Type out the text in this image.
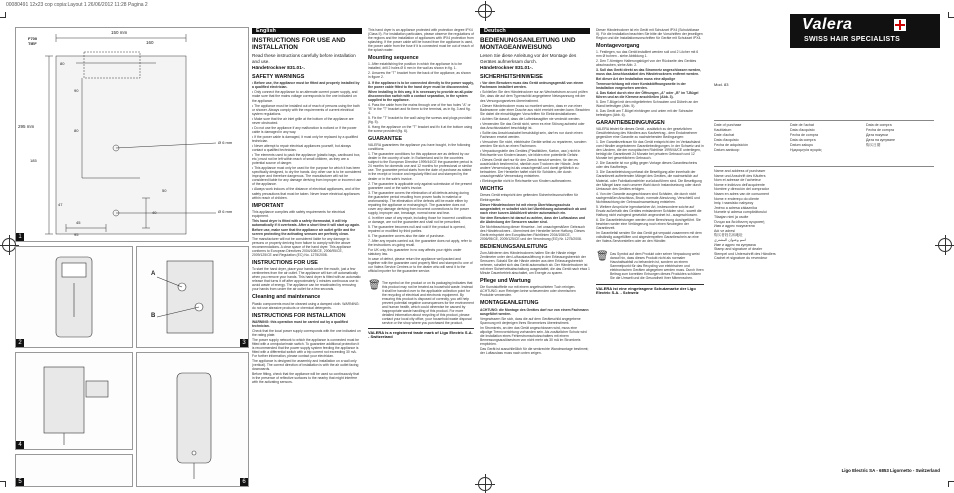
00080491 12x23 cop copia:Layout 1 26/06/2012 11:28 Pagina 2
F700
TIEF
150 mm
160
80
90
80
185
295 mm
47
40
45
50
95
Ø 6 mm
Ø 6 mm
1
2
A
B
3
4
5	6
English
INSTRUCTIONS FOR USE AND INSTALLATION
Read these instructions carefully before installation and use.
Händetrockner 831.01-.
SAFETY WARNINGS

• Before use, the appliance must be fitted and properly installed by a qualified electrician.

• Only connect the appliance to an alternate current power supply, and make sure that the mains voltage corresponds to the one indicated on the appliance.

• The appliance must be installed out of reach of persons using the bath or shower. Always comply with the requirements of current electrical system regulations.

• Make sure that the air inlet grille at the bottom of the appliance are never obstructed.

• Do not use the appliance if any malfunction is noticed or if the power cable is damaged in any way.

• If the power cable is damaged, it must only be replaced by a qualified technician.

• Never attempt to repair electrical appliances yourself, but always contact a qualified technician.

• The elements used to pack the appliance (plastic bags, cardboard box, etc.) must not be left within reach of small children, as they are a potential source of danger.

• This appliance must only be used for the purpose for which it has been specifically designed, to dry the hands. Any other use is to be considered improper and therefore dangerous. The manufacturer will not be considered liable for any damage deriving from improper or incorrect use of the appliance.

• Always work indoors of the distance of electrical appliances, and of the safety precautions that must be taken. Never leave electrical appliances within reach of children.

IMPORTANT

This appliance complies with safety requirements for electrical equipment.

This hand dryer is fitted with a safety thermostat, it will trip automatically if it overheats. After a short time it will start up again.

Before use, make sure that the appliance air outlet grille and the screen protecting the activating sensors are perfectly clean.

The manufacturer will not be considered liable for any damage to persons or property deriving from failure to comply with the above recommendations. A clear space of the hand dryer. This appliance conforms to European Directives 2004/108/CE, 2006/95/CE, 2009/125/CE and Regulation (EC) No. 1275/2008.

INSTRUCTIONS FOR USE

To start the hand dryer, place your hands under the mouth, just a few centimetres from the air outlet. The appliance will turn off automatically when you remove your hands. This hand dryer is fitted with an automatic release that turns it off after approximately 1 minutes continuous use to avoid waste of energy. The appliance can be reactivated by removing your hands from under the air outlet for a few seconds.

Cleaning and maintenance

Plastic components must be cleaned using a damped cloth. WARNING: do not use abrasive products or chemical detergents.

INSTRUCTIONS FOR INSTALLATION

WARNING: this operation must be carried out by a qualified technician.

Check that the local power supply corresponds with the one indicated on the rating plate.

The power supply network to which the appliance is connected must be fitted with a omnipolar/main switch. To guarantee additional protection it is recommended that the power supply system feeding the appliance is fitted with a differential switch with a trip current not exceeding 30 mA. For further information, please contact your electrician.

The appliance is designed for assembly and installation on a wall only (vertical). The correct direction of installation is with the air outlet facing downwards.

Before fitting, check that the appliance will be used so continuously that in the presence of reflective surfaces to the nearby that might interfere with the activating sensors.

This hand dryer is an appliance protected with protection degree IPX4 (Class II). For installation particulars, please observe the regulations of the regions and the installation of appliances with IPX4 protection from splashing. If the power cable will be hosed from the appliance is used, the power cable from the fuse if it is connected must be out of reach of the splash water.

Mounting sequence

1. After establishing the position in which the appliance is to be installed, drill 2 holes Ø 6 mm in the wall as shown in fig. 1.

2. Unscrew the "T" bracket from the back of the appliance, as shown in figure 2.

3. If the appliance is to be connected directly to the power supply, the power cable fitted to the hand dryer must be disconnected.

When installing in this way, it is necessary to provide an all-polar disconnection switch with a contact separation, in the system supplied to the appliance.

4. Pass the cable from the mains through one of the two holes "A" or "B" in the "T" bracket and fix them to the terminal, as in fig. 3 and fig. 4.

5. Fix the "T" bracket to the wall using the screws and plugs provided (fig. 5).

6. Hang the appliance on the "T" bracket and fix it at the bottom using the screw provided (fig. 6).

GUARANTEE

VALERA guarantees the appliance you have bought, in the following conditions:

1. The guarantee conditions for this appliance are as defined by our dealer in the country of sale. In Switzerland and in the countries subject to the European Directive 1999/44/CE the guarantee period is 24 months for domestic use and 12 months for professional or similar use. The guarantee period starts from the date of purchase as stated in the receipt or invoice and regularly filled out and stamped by the dealer or in the sale's invoice.

2. The guarantee is applicable only against submission of the present guarantee card or the sale's invoice.

3. The guarantee covers the elimination of all defects arising during the guarantee period resulting from proven faults in material or workmanship. The elimination of the defects will be made either by repairing the appliance or exchanging it. The guarantee does not cover any damage deriving from incorrect connections to the power supply, improper use, breakage, normal wear and tear.

4. In either case of any repair, including those for incorrect conditions or damage, are not the guarantee and shall not be prescribed.

5. The guarantee becomes null and void if the product is opened, repaired or modified by third parties.

6. The guarantee covers also the date of purchase.

7. After any repairs carried out, the guarantee does not apply, refer to the instructions on-going recall.

For UK only, this guarantee in no way affects your rights under statutory law.

In case of defect, please return the appliance well packed and together with the guarantee card properly filled and stamped to one of our Valera Service Centres or to the dealer who will send it to the official importer for the guarantee service.

🗑 The symbol on the product or on its packaging indicates that this product may not be treated as household waste. Instead it shall be handed over to the applicable collection point for the recycling of electrical and electronic equipment. By ensuring this product is disposed of correctly, you will help prevent potential negative consequences for the environment and human health, which could otherwise be caused by inappropriate waste handling of this product. For more detailed information about recycling of this product, please contact your local city office, your household waste disposal service or the shop where you purchased the product.

VALERA is a registered trade mark of Ligo Electric S.A. - Switzerland

Deutsch
BEDIENUNGSANLEITUNG UND MONTAGEANWEISUNG
Lesen Sie diese Anleitung vor der Montage des Gerätes aufmerksam durch.
Händetrockner 831.01-.
SICHERHEITSHINWEISE

• Vor dem Benutzen muss das Gerät ordnungsgemäß von einem Fachmann installiert werden.

• Schließen Sie den Händetrockner nur an Wechselstrom an und prüfen Sie, dass die auf dem Typenschild angegebene Netzspannung mit der des Versorgungsnetzes übereinstimmt.

• Dieser Händetrockner muss so montiert werden, dass er von einer Badewanne oder einer Dusche aus nicht erreicht werden kann. Beachten Sie dabei die einschlägigen Vorschriften für Elektroinstallationen.

• Achten Sie darauf, dass die Lufteinlassgitter nie verdeckt werden.

• Verwenden Sie das Gerät nicht, wenn es eine Störung aufweist oder das Anschlusskabel beschädigt ist.

• Sollte das Anschlusskabel beschädigt sein, darf es nur durch einen Fachmann ersetzt werden.

• Versuchen Sie nicht, elektrische Geräte selbst zu reparieren, sondern wenden Sie sich an einen Fachmann.

• Verpackungsteile des Gerätes (Plastiktüten, Karton, usw.) nicht in Reichweite von Kindern lassen, sie bilden eine potentielle Gefahr.

• Dieses Gerät darf nur für den Zweck benutzt werden, für den es ausdrücklich bestimmt ist, nämlich zum Trocknen der Hände. Jede andere Verwendung ist als unsachgemäß und damit gefährlich zu betrachten. Der Hersteller haftet nicht für Schäden, die durch unsachgemäße Verwendung entstehen.

• Elektrogeräte nicht in Reichweite von Kindern aufbewahren.

WICHTIG

Dieses Gerät entspricht den geltenden Sicherheitsvorschriften für Elektrogeräte.

Dieser Händetrockner ist mit einem Überhitzungsschutz ausgestattet; er schaltet sich bei Überhitzung automatisch ab und nach einer kurzen Abkühlzeit wieder automatisch ein.

Vor dem Benutzen ist darauf zu achten, dass der Luftauslass und die Abdeckung der Sensoren sauber sind.

Die Nichtbeachtung dieser Hinweise - bei unsachgemäßem Gebrauch des Händetrockners - übernimmt der Hersteller keine Haftung. Dieses Gerät entspricht den Europäischen Richtlinien 2004/108/CE, 2006/95/CE, 2009/125/CE und der Verordnung (EG) Nr. 1275/2008.

BEDIENUNGSANLEITUNG

Zum Aktivieren des Händetrockners halten Sie die Hände einige Zentimeter unter den Luftauslassöffnung in den Erfassungsbereich der Sensoren. Sobald Sie die Hände wieder aus dem Erfassungsbereich nehmen, schaltet sich das Gerät automatisch ab. Der Händetrockner ist mit einer Sicherheitsabschaltung ausgestattet, die das Gerät nach etwa 1 Minute Dauerbetrieb abschaltet, um Energie zu sparen.

Pflege und Wartung

Die Kunststoffteile nur mit einem angefeuchteten Tuch reinigen. ACHTUNG: zum Reinigen keine scheuernden oder chemischen Produkte verwenden.

MONTAGEANLEITUNG

ACHTUNG: die Montage des Gerätes darf nur von einem Fachmann ausgeführt werden.

Vergewissern Sie sich, dass die auf dem Geräteschild angegebene Spannung mit derjenigen Ihres Stromnetzes übereinstimmt.

Im Stromkreis, an den das Gerät angeschlossen wird, muss eine allpolige Trennvorrichtung vorhanden sein. Als zusätzlicher Schutz wird die Installation eines Fehlerstromschutzschalters mit einem Bemessungsauslösestrom von nicht mehr als 30 mA im Stromkreis empfohlen.

Das Gerät ist ausschließlich für die senkrechte Wandmontage bestimmt; der Luftauslass muss nach unten zeigen.

Dieser Händetrockner ist ein Gerät mit Schutzart IPX4 (Schutzklasse II). Für die Installation beachten Sie bitte die Vorschriften der jeweiligen Region und die Installationsvorschriften für Geräte mit Schutzart IPX4.

Montagevorgang

1. Festlegen, wo das Gerät installiert werden soll und 2 Löcher mit 6 mm Ø bohren - siehe Abbildung 1.

2. Den T-förmigen Halterungsbügel von der Rückseite des Gerätes abschrauben, siehe Abb. 2.

3. Soll das Gerät direkt an das Stromnetz angeschlossen werden, muss das Anschlusskabel des Händetrockners entfernt werden.

Bei dieser Art der Installation muss eine allpolige Trennvorrichtung mit einer Kontaktöffnungsweite in der Installation vorgesehen werden.

4. Das Kabel durch eine der Öffnungen „A" oder „B" im T-Bügel führen und an die Klemme anschließen (Abb. 3).

5. Den T-Bügel mit den mitgelieferten Schrauben und Dübeln an der Wand befestigen (Abb. 5).

6. Das Gerät am T-Bügel einhängen und unten mit der Schraube befestigen (Abb. 6).

GARANTIEBEDINGUNGEN

VALERA leistet für dieses Gerät - zusätzlich zu der gesetzlichen Gewährleistung des Händlers aus Kaufvertrag - dem Endabnehmer gegenüber eine Garantie zu nachstehenden Bedingungen:

1. Der Garantiezeitraum für das Gerät entspricht den im Verkaufsland vom Händler angebotenen Garantiebedingungen. In der Schweiz und in den Ländern, die der europäischen Richtlinie 1999/44/CE unterliegen, beträgt die Garantiezeit 24 Monate bei privatem Gebrauch und 12 Monate bei gewerblichem Gebrauch.

2. Die Garantie ist nur gültig gegen Vorlage dieses Garantiescheins oder des Kaufbelegs.

3. Die Garantieleistung umfasst die Beseitigung aller innerhalb der Garantiezeit auftretenden Mängel des Gerätes, die nachweislich auf Material- oder Fabrikationsfehler zurückzuführen sind. Die Beseitigung der Mängel kann nach unserer Wahl durch Instandsetzung oder durch Umtausch des Gerätes erfolgen.

4. Von der Garantie ausgeschlossen sind Schäden, die durch nicht sachgemäßen Anschluss, Bruch, normale Abnutzung, Verschleiß und Nichtbeachtung der Gebrauchsanweisung entstehen.

5. Weitere Ansprüche irgendwelcher Art, insbesondere solche auf Ersatz außerhalb des Gerätes entstandener Schäden sind - soweit die Haftung nicht zwingend gesetzlich angeordnet ist - ausgeschlossen.

6. Die Garantieleistungen werden ohne Berechnung durchgeführt. Sie bewirken weder eine Verlängerung noch einen Neubeginn der Garantiezeit.

Im Garantiefall senden Sie das Gerät gut verpackt zusammen mit dem vollständig ausgefüllten und abgestempelten Garantieschein an eine der Valera-Servicestellen oder an den Händler.

🗑 Das Symbol auf dem Produkt oder seiner Verpackung weist darauf hin, dass dieses Produkt nicht als normaler Haushaltsabfall zu behandeln ist, sondern an einem Sammelpunkt für das Recycling von elektrischen und elektronischen Geräten abgegeben werden muss. Durch Ihren Beitrag zum korrekten Entsorgen dieses Produktes schützen Sie die Umwelt und die Gesundheit Ihrer Mitmenschen.

VALERA ist eine eingetragene Schutzmarke der Ligo Electric S.A. - Schweiz

Valera
SWISS HAIR SPECIALISTS
Mod. 83
Date of purchase
Kaufdatum
Date d'achat
Data d'acquisto
Fecha de adquisición
Datum aankoop
Date de l'achat
Data d'acquisto
Fecha de compra
Data da compra
Datum zakupu
Ημερομηνία αγοράς
Data de compra
Fecha de compra
Дата покупки
Дата на купуване
购买日期
Name and address of purchaser
Name und Anschrift des Käufers
Nom et adresse de l'acheteur
Nome e indirizzo dell'acquirente
Nombre y dirección del comprador
Naam en adres van de consument
Nome e endereço do cliente
Imię i nazwisko nabywcy
Jméno a adresa zákazníka
Numele și adresa cumpărătorului
Tilaajan nimi ja osoite
Όνομα και διεύθυνση αγοραστή
Имя и адрес покупателя
Adı ve adresi
购买者姓名和地址
اسم وعنوان المشتري
Име и адрес на купувача
Stamp and signature of dealer
Stempel und Unterschrift des Händlers
Cachet et signature du revendeur
Ligo Electric SA - 6853 Ligornetto - Switzerland
